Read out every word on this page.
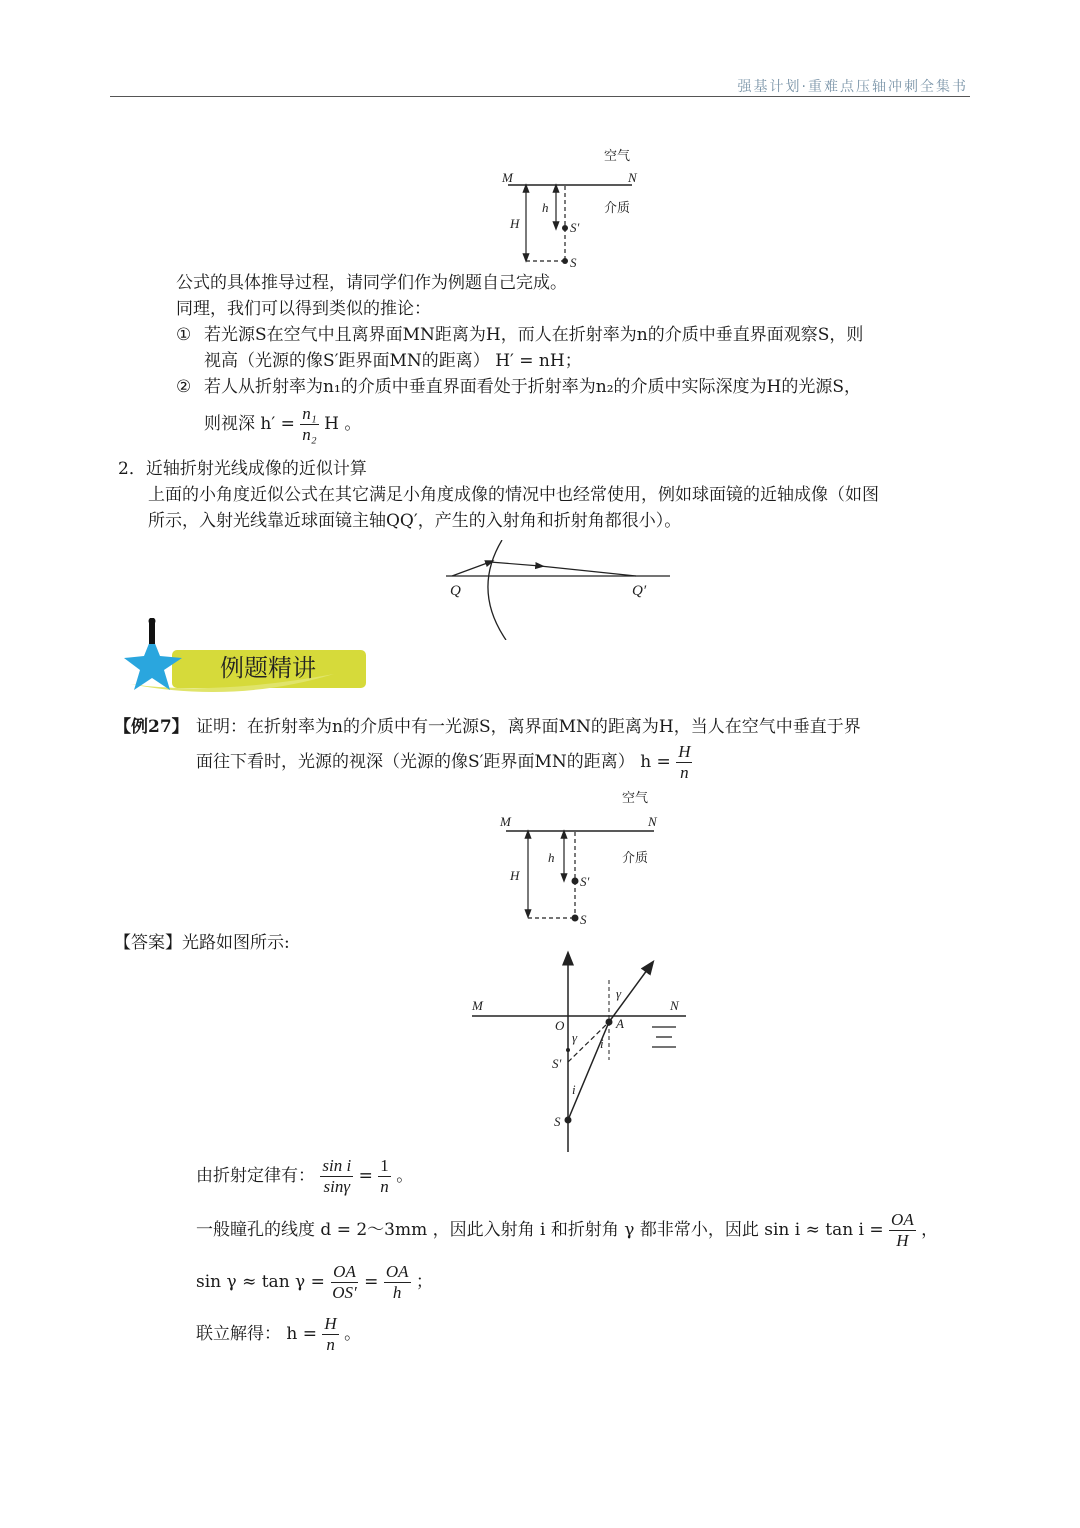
强基计划·重难点压轴冲刺全集书
空气
M	N
介质
H
h
S′
S
公式的具体推导过程，请同学们作为例题自己完成。
同理，我们可以得到类似的推论：
① 若光源S在空气中且离界面MN距离为H，而人在折射率为n的介质中垂直界面观察S，则
视高（光源的像S′距界面MN的距离） H′ = nH；
② 若人从折射率为n₁的介质中垂直界面看处于折射率为n₂的介质中实际深度为H的光源S，
则视深 $h' = \frac{\text{n₁}}{\text{n₂}}$ H 。
2．近轴折射光线成像的近似计算
上面的小角度近似公式在其它满足小角度成像的情况中也经常使用，例如球面镜的近轴成像（如图
所示，入射光线靠近球面镜主轴QQ′，产生的入射角和折射角都很小）。
Q	Q′
例题精讲
【例27】 证明：在折射率为n的介质中有一光源S，离界面MN的距离为H，当人在空气中垂直于界
面往下看时，光源的视深（光源的像S′距界面MN的距离） $h = \frac{H}{n}$
空气
M	N
介质
H
h
S′
S
【答案】光路如图所示:
M	N
O	A
S′
S
γ
γ i
i
由折射定律有： $\frac{\text{sin i}}{\sin\gamma} = \frac{1}{n}$ 。
一般瞳孔的线度 d = 2～3mm ，因此入射角 i 和折射角 γ 都非常小，因此 $\sin i \approx \tan i = \frac{OA}{H}$ ，
$\sin \gamma \approx \tan \gamma = \frac{OA}{OS'} = \frac{OA}{h}$ ；
联立解得： $h = \frac{H}{n}$ 。
